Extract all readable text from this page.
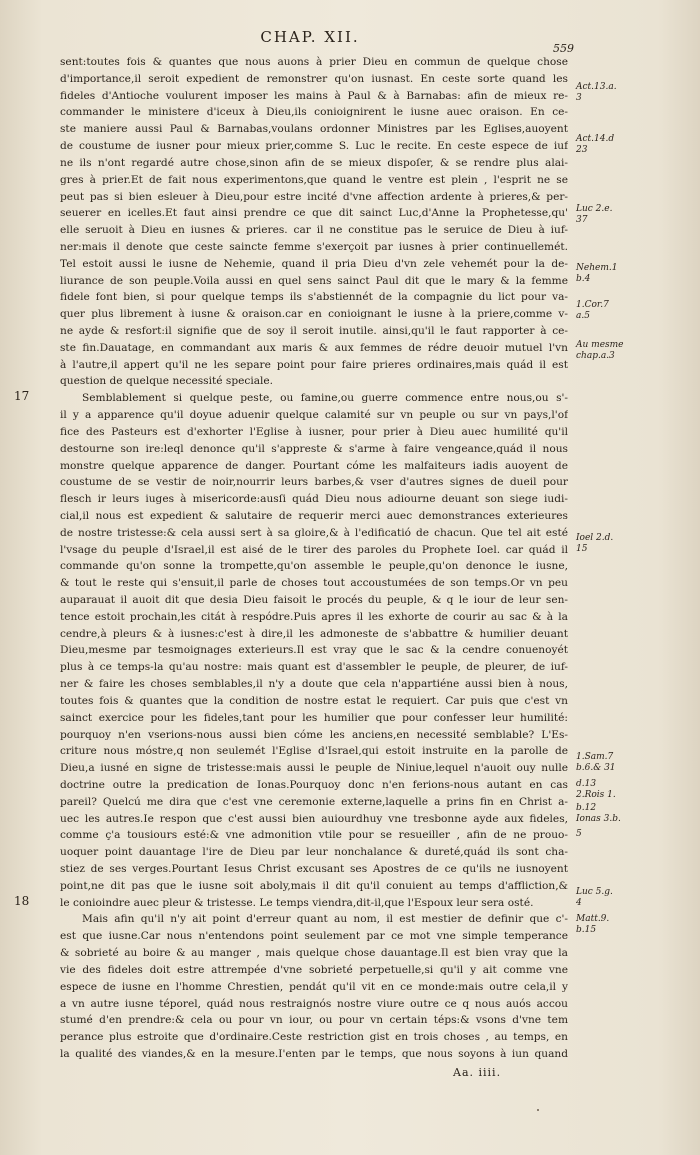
CHAP. XII.
559
sent:toutes fois & quantes que nous auons à prier Dieu en commun de quelque chose
d'importance,il seroit expedient de remonstrer qu'on iusnast. En ceste sorte quand les
fideles d'Antioche voulurent imposer les mains à Paul & à Barnabas: afin de mieux re-
commander le ministere d'iceux à Dieu,ils conioignirent le iusne auec oraison. En ce-
ste maniere aussi Paul & Barnabas,voulans ordonner Ministres par les Eglises,auoyent
de coustume de iusner pour mieux prier,comme S. Luc le recite. En ceste espece de iuf
ne ils n'ont regardé autre chose,sinon afin de se mieux dispoſer, & se rendre plus alai-
gres à prier.Et de fait nous experimentons,que quand le ventre est plein , l'esprit ne se
peut pas si bien esleuer à Dieu,pour estre incité d'vne affection ardente à prieres,& per-
seuerer en icelles.Et faut ainsi prendre ce que dit sainct Luc,d'Anne la Prophetesse,qu'
elle seruoit à Dieu en iusnes & prieres. car il ne constitue pas le seruice de Dieu à iuf-
ner:mais il denote que ceste saincte femme s'exerçoit par iusnes à prier continuellemét.
Tel estoit aussi le iusne de Nehemie, quand il pria Dieu d'vn zele vehemét pour la de-
liurance de son peuple.Voila aussi en quel sens sainct Paul dit que le mary & la femme
fidele font bien, si pour quelque temps ils s'abstiennét de la compagnie du lict pour va-
quer plus librement à iusne & oraison.car en conioignant le iusne à la priere,comme v-
ne ayde & resfort:il signifie que de soy il seroit inutile. ainsi,qu'il le faut rapporter à ce-
ste fin.Dauatage, en commandant aux maris & aux femmes de rédre deuoir mutuel l'vn
à l'autre,il appert qu'il ne les separe point pour faire prieres ordinaires,mais quád il est
question de quelque necessité speciale.
Semblablement si quelque peste, ou famine,ou guerre commence entre nous,ou s'-
il y a apparence qu'il doyue aduenir quelque calamité sur vn peuple ou sur vn pays,l'of
fice des Pasteurs est d'exhorter l'Eglise à iusner, pour prier à Dieu auec humilité qu'il
destourne son ire:leql denonce qu'il s'appreste & s'arme à faire vengeance,quád il nous
monstre quelque apparence de danger. Pourtant cóme les malfaiteurs iadis auoyent de
coustume de se vestir de noir,nourrir leurs barbes,& vser d'autres signes de dueil pour
flesch ir leurs iuges à misericorde:ausſi quád Dieu nous adiourne deuant son siege iudi-
cial,il nous est expedient & salutaire de requerir merci auec demonstrances exterieures
de nostre tristesse:& cela aussi sert à sa gloire,& à l'edificatió de chacun. Que tel ait esté
l'vsage du peuple d'Israel,il est aisé de le tirer des paroles du Prophete Ioel. car quád il
commande qu'on sonne la trompette,qu'on assemble le peuple,qu'on denonce le iusne,
& tout le reste qui s'ensuit,il parle de choses tout accoustumées de son temps.Or vn peu
auparauat il auoit dit que desia Dieu faisoit le procés du peuple, & q le iour de leur sen-
tence estoit prochain,les citát à respódre.Puis apres il les exhorte de courir au sac & à la
cendre,à pleurs & à iusnes:c'est à dire,il les admoneste de s'abbattre & humilier deuant
Dieu,mesme par tesmoignages exterieurs.Il est vray que le sac & la cendre conuenoyét
plus à ce temps-la qu'au nostre: mais quant est d'assembler le peuple, de pleurer, de iuf-
ner & faire les choses semblables,il n'y a doute que cela n'appartiéne aussi bien à nous,
toutes fois & quantes que la condition de nostre estat le requiert. Car puis que c'est vn
sainct exercice pour les fideles,tant pour les humilier que pour confesser leur humilité:
pourquoy n'en vserions-nous aussi bien cóme les anciens,en necessité semblable? L'Es-
criture nous móstre,q non seulemét l'Eglise d'Israel,qui estoit instruite en la parolle de
Dieu,a iusné en signe de tristesse:mais aussi le peuple de Niniue,lequel n'auoit ouy nulle
doctrine outre la predication de Ionas.Pourquoy donc n'en ferions-nous autant en cas
pareil? Quelcú me dira que c'est vne ceremonie externe,laquelle a prins fin en Christ a-
uec les autres.Ie respon que c'est aussi bien auiourdhuy vne tresbonne ayde aux fideles,
comme ç'a tousiours esté:& vne admonition vtile pour se resueiller , afin de ne prouo-
uoquer point dauantage l'ire de Dieu par leur nonchalance & dureté,quád ils sont cha-
stiez de ses verges.Pourtant Iesus Christ excusant ses Apostres de ce qu'ils ne iusnoyent
point,ne dit pas que le iusne soit aboly,mais il dit qu'il conuient au temps d'affliction,&
le conioindre auec pleur & tristesse. Le temps viendra,dit-il,que l'Espoux leur sera osté.
Mais afin qu'il n'y ait point d'erreur quant au nom, il est mestier de definir que c'-
est que iusne.Car nous n'entendons point seulement par ce mot vne simple temperance
& sobrieté au boire & au manger , mais quelque chose dauantage.Il est bien vray que la
vie des fideles doit estre attrempée d'vne sobrieté perpetuelle,si qu'il y ait comme vne
espece de iusne en l'homme Chrestien, pendát qu'il vit en ce monde:mais outre cela,il y
a vn autre iusne téporel, quád nous restraignós nostre viure outre ce q nous auós accou
stumé d'en prendre:& cela ou pour vn iour, ou pour vn certain téps:& vsons d'vne tem
perance plus estroite que d'ordinaire.Ceste restriction gist en trois choses , au temps, en
la qualité des viandes,& en la mesure.I'enten par le temps, que nous soyons à iun quand
17
18
Act.13.a.
3
Act.14.d
23
Luc 2.e.
37
Nehem.1
b.4
1.Cor.7
a.5
Au mesme
chap.a.3
Ioel 2.d.
15
1.Sam.7
b.6.& 31
d.13
2.Rois 1.
b.12
Ionas 3.b.
5
Luc 5.g.
4
Matt.9.
b.15
Aa. iiii.
